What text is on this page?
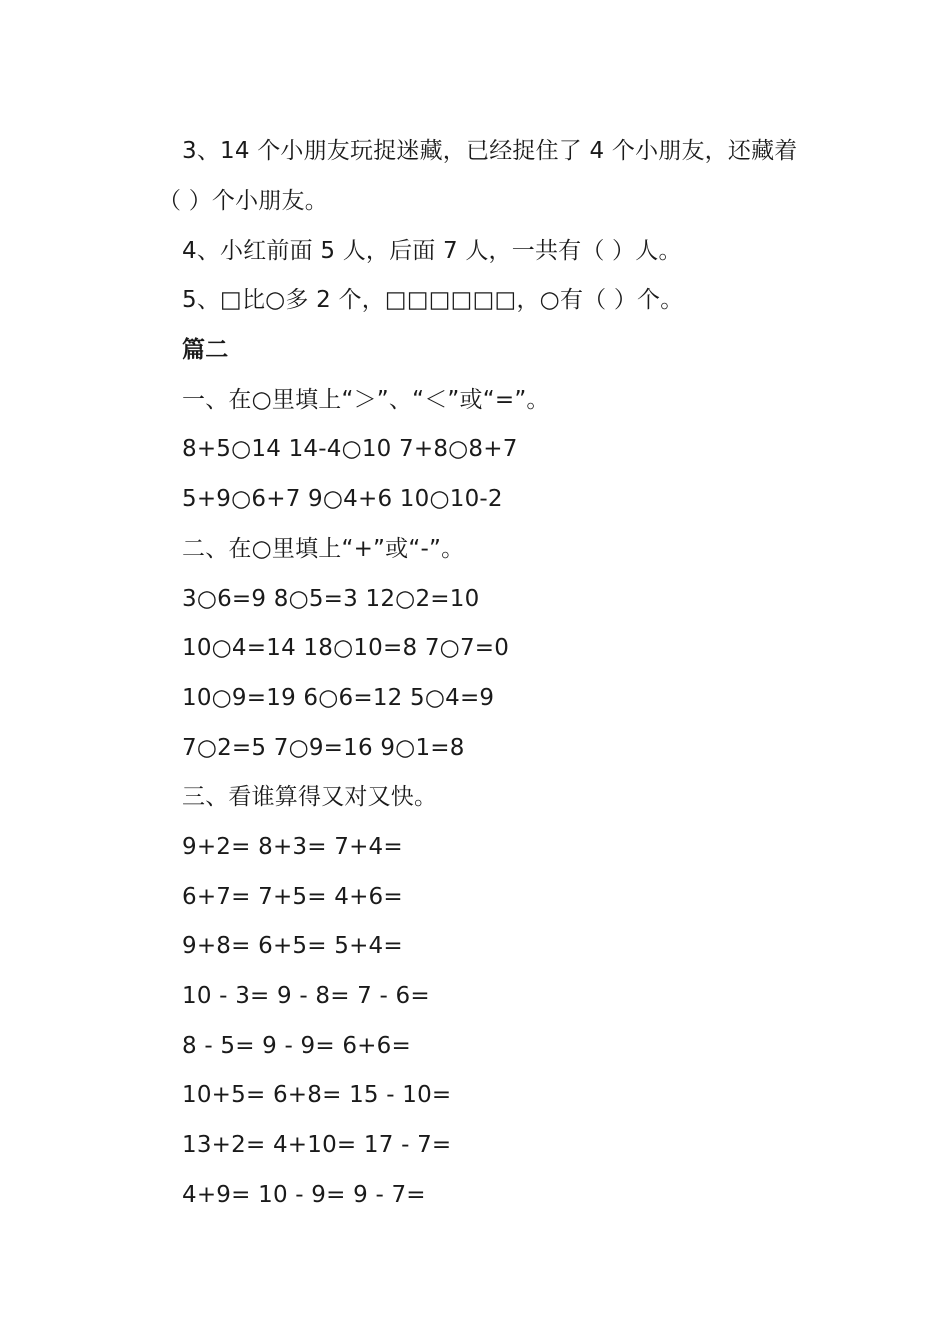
3、14 个小朋友玩捉迷藏，已经捉住了 4 个小朋友，还藏着
（ ）个小朋友。
4、小红前面 5 人，后面 7 人，一共有（ ）人。
5、□比○多 2 个，□□□□□□，○有（ ）个。
篇二
一、在○里填上“＞”、“＜”或“=”。
8+5○14 14-4○10 7+8○8+7
5+9○6+7 9○4+6 10○10-2
二、在○里填上“+”或“-”。
3○6=9 8○5=3 12○2=10
10○4=14 18○10=8 7○7=0
10○9=19 6○6=12 5○4=9
7○2=5 7○9=16 9○1=8
三、看谁算得又对又快。
9+2= 8+3= 7+4=
6+7= 7+5= 4+6=
9+8= 6+5= 5+4=
10 - 3= 9 - 8= 7 - 6=
8 - 5= 9 - 9= 6+6=
10+5= 6+8= 15 - 10=
13+2= 4+10= 17 - 7=
4+9= 10 - 9= 9 - 7=
